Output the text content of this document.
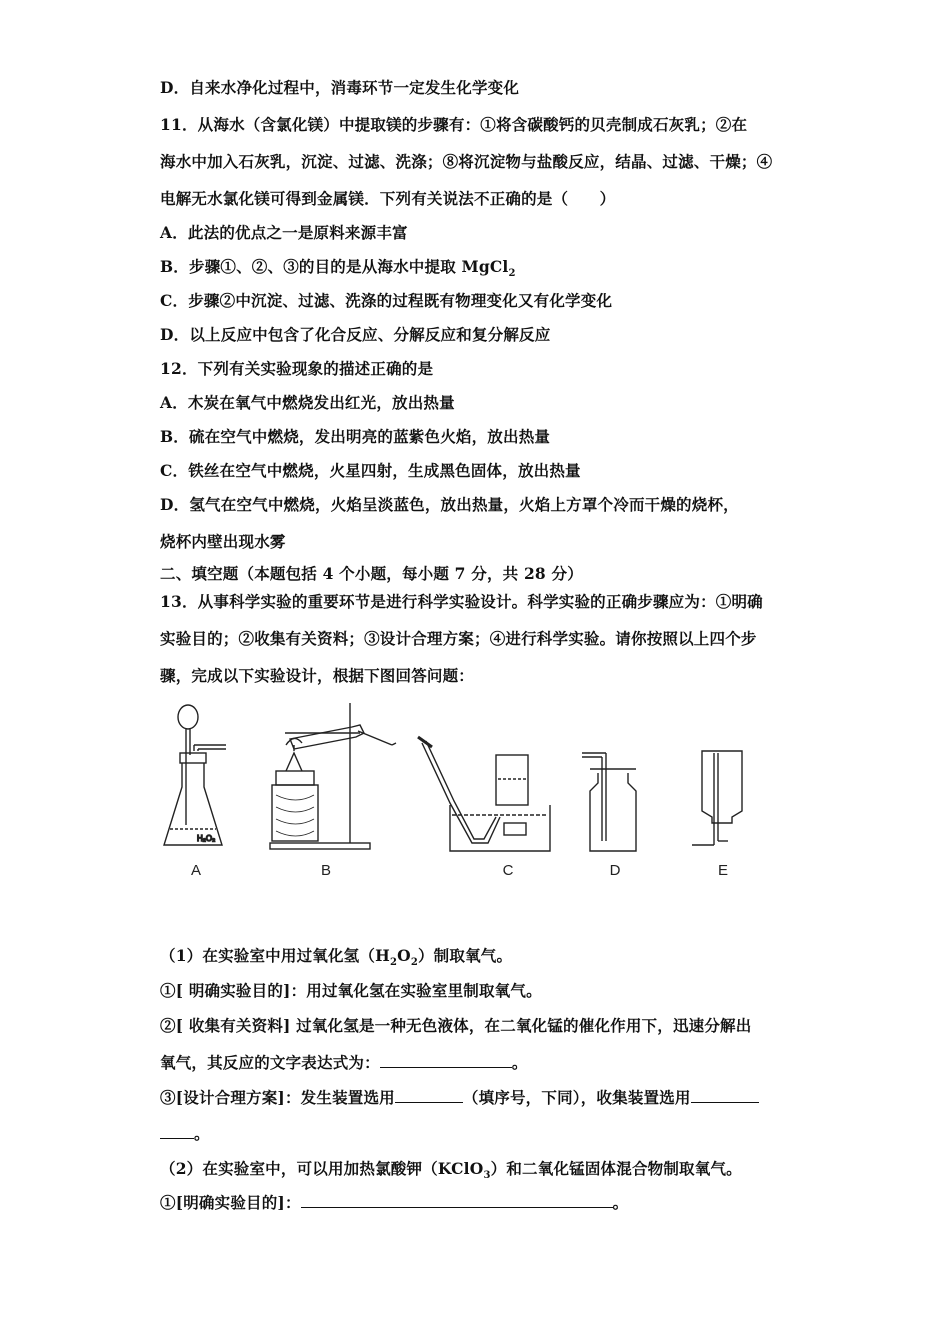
D．自来水净化过程中，消毒环节一定发生化学变化
11．从海水（含氯化镁）中提取镁的步骤有：①将含碳酸钙的贝壳制成石灰乳；②在
海水中加入石灰乳，沉淀、过滤、洗涤；⑧将沉淀物与盐酸反应，结晶、过滤、干燥；④
电解无水氯化镁可得到金属镁．下列有关说法不正确的是（　　）
A．此法的优点之一是原料来源丰富
B．步骤①、②、③的目的是从海水中提取 MgCl$_2$
C．步骤②中沉淀、过滤、洗涤的过程既有物理变化又有化学变化
D．以上反应中包含了化合反应、分解反应和复分解反应
12．下列有关实验现象的描述正确的是
A．木炭在氧气中燃烧发出红光，放出热量
B．硫在空气中燃烧，发出明亮的蓝紫色火焰，放出热量
C．铁丝在空气中燃烧，火星四射，生成黑色固体，放出热量
D．氢气在空气中燃烧，火焰呈淡蓝色，放出热量，火焰上方罩个冷而干燥的烧杯，
烧杯内壁出现水雾
二、填空题（本题包括 4 个小题，每小题 7 分，共 28 分）
13．从事科学实验的重要环节是进行科学实验设计。科学实验的正确步骤应为：①明确
实验目的；②收集有关资料；③设计合理方案；④进行科学实验。请你按照以上四个步
骤，完成以下实验设计，根据下图回答问题：
H₂O₂
A	B	C	D	E
（1）在实验室中用过氧化氢$(H_2O_2)$制取氧气。
①[ 明确实验目的]：用过氧化氢在实验室里制取氧气。
②[ 收集有关资料] 过氧化氢是一种无色液体，在二氧化锰的催化作用下，迅速分解出
氧气，其反应的文字表达式为：	。
③[设计合理方案]：发生装置选用	（填序号，下同），收集装置选用
。
（2）在实验室中，可以用加热氯酸钾（KClO$_3$）和二氧化锰固体混合物制取氧气。
①[明确实验目的]：	。
